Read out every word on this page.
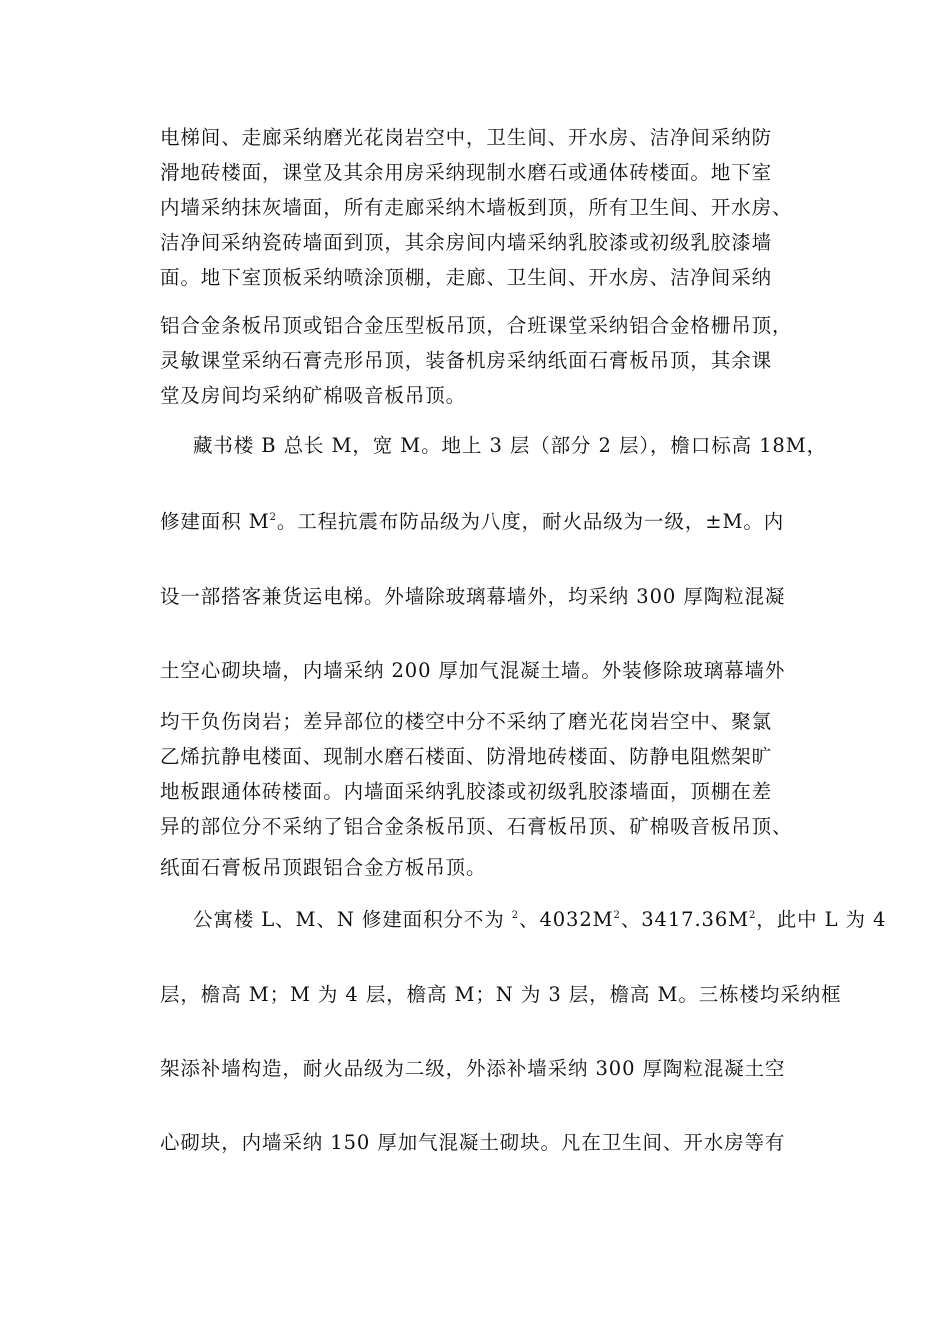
电梯间、走廊采纳磨光花岗岩空中，卫生间、开水房、洁净间采纳防
滑地砖楼面，课堂及其余用房采纳现制水磨石或通体砖楼面。地下室
内墙采纳抹灰墙面，所有走廊采纳木墙板到顶，所有卫生间、开水房、
洁净间采纳瓷砖墙面到顶，其余房间内墙采纳乳胶漆或初级乳胶漆墙
面。地下室顶板采纳喷涂顶棚，走廊、卫生间、开水房、洁净间采纳
铝合金条板吊顶或铝合金压型板吊顶，合班课堂采纳铝合金格栅吊顶，
灵敏课堂采纳石膏壳形吊顶，装备机房采纳纸面石膏板吊顶，其余课
堂及房间均采纳矿棉吸音板吊顶。
藏书楼 B 总长 M，宽 M。地上 3 层（部分 2 层），檐口标高 18M，
修建面积 $M^2$。工程抗震布防品级为八度，耐火品级为一级，±M。内
设一部搭客兼货运电梯。外墙除玻璃幕墙外，均采纳 300 厚陶粒混凝
土空心砌块墙，内墙采纳 200 厚加气混凝土墙。外装修除玻璃幕墙外
均干负伤岗岩；差异部位的楼空中分不采纳了磨光花岗岩空中、聚氯
乙烯抗静电楼面、现制水磨石楼面、防滑地砖楼面、防静电阻燃架旷
地板跟通体砖楼面。内墙面采纳乳胶漆或初级乳胶漆墙面，顶棚在差
异的部位分不采纳了铝合金条板吊顶、石膏板吊顶、矿棉吸音板吊顶、
纸面石膏板吊顶跟铝合金方板吊顶。
公寓楼 L、M、N 修建面积分不为 $^2$、$4032M^2$、$3417.36M^2$，此中 L 为 4
层，檐高 M；M 为 4 层，檐高 M；N 为 3 层，檐高 M。三栋楼均采纳框
架添补墙构造，耐火品级为二级，外添补墙采纳 300 厚陶粒混凝土空
心砌块，内墙采纳 150 厚加气混凝土砌块。凡在卫生间、开水房等有
